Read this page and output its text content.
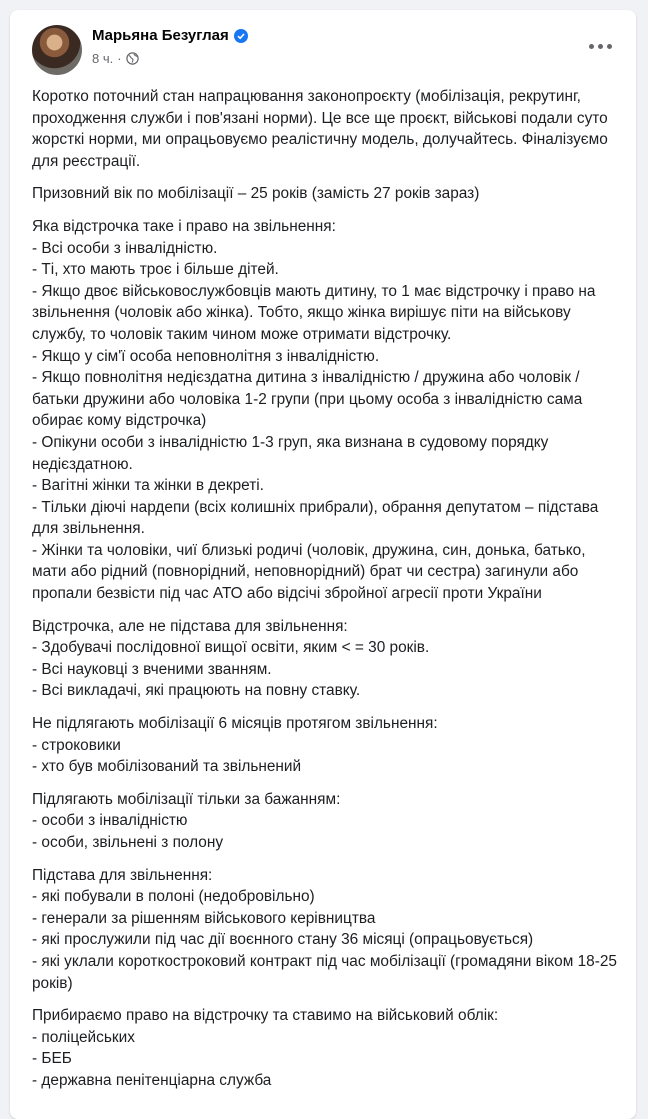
Марьяна Безуглая
8 ч. ·

Коротко поточний стан напрацювання законопроєкту (мобілізація, рекрутинг, проходження служби і пов'язані норми). Це все ще проєкт, військові подали суто жорсткі норми, ми опрацьовуємо реалістичну модель, долучайтесь. Фіналізуємо для реєстрації.

Призовний вік по мобілізації – 25 років (замість 27 років зараз)

Яка відстрочка таке і право на звільнення:
- Всі особи з інвалідністю.
- Ті, хто мають троє і більше дітей.
- Якщо двоє військовослужбовців мають дитину, то 1 має відстрочку і право на звільнення (чоловік або жінка). Тобто, якщо жінка вирішує піти на військову службу, то чоловік таким чином може отримати відстрочку.
- Якщо у сім'ї особа неповнолітня з інвалідністю.
- Якщо повнолітня недієздатна дитина з інвалідністю / дружина або чоловік / батьки дружини або чоловіка 1-2 групи (при цьому особа з інвалідністю сама обирає кому відстрочка)
- Опікуни особи з інвалідністю 1-3 груп, яка визнана в судовому порядку недієздатною.
- Вагітні жінки та жінки в декреті.
- Тільки діючі нардепи (всіх колишніх прибрали), обрання депутатом – підстава для звільнення.
- Жінки та чоловіки, чиї близькі родичі (чоловік, дружина, син, донька, батько, мати або рідний (повнорідний, неповнорідний) брат чи сестра) загинули або пропали безвісти під час АТО або відсічі збройної агресії проти України

Відстрочка, але не підстава для звільнення:
- Здобувачі послідовної вищої освіти, яким < = 30 років.
- Всі науковці з вченими званням.
- Всі викладачі, які працюють на повну ставку.

Не підлягають мобілізації 6 місяців протягом звільнення:
- строковики
- хто був мобілізований та звільнений

Підлягають мобілізації тільки за бажанням:
- особи з інвалідністю
- особи, звільнені з полону

Підстава для звільнення:
- які побували в полоні (недобровільно)
- генерали за рішенням військового керівництва
- які прослужили під час дії воєнного стану 36 місяці (опрацьовується)
- які уклали короткостроковий контракт під час мобілізації (громадяни віком 18-25 років)

Прибираємо право на відстрочку та ставимо на військовий облік:
- поліцейських
- БЕБ
- державна пенітенціарна служба
